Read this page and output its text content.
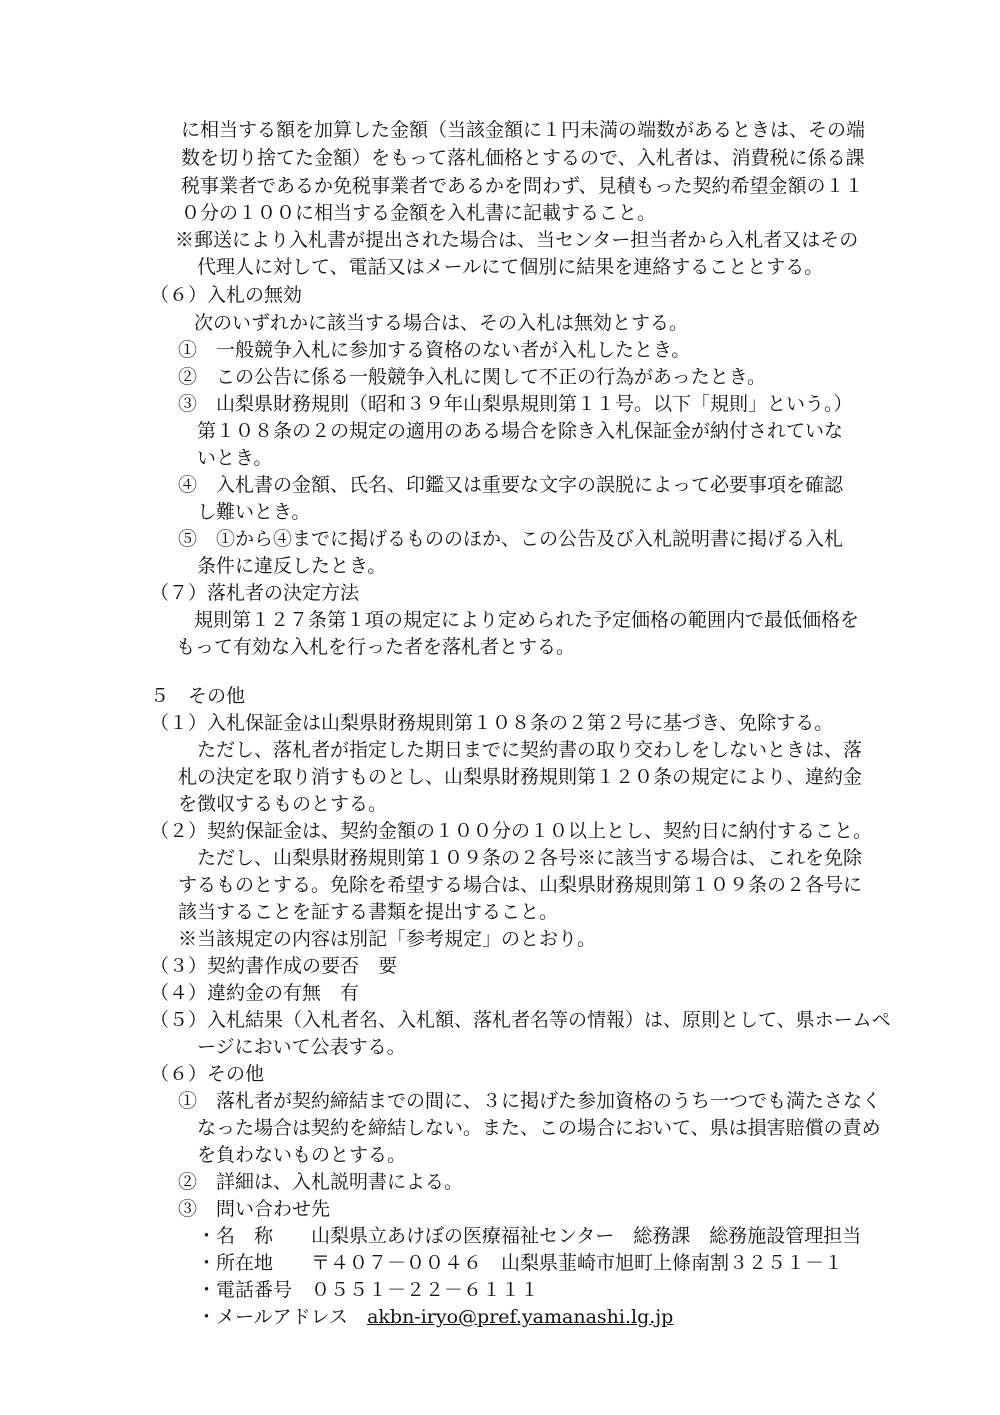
に相当する額を加算した金額（当該金額に１円未満の端数があるときは、その端

数を切り捨てた金額）をもって落札価格とするので、入札者は、消費税に係る課

税事業者であるか免税事業者であるかを問わず、見積もった契約希望金額の１１

０分の１００に相当する金額を入札書に記載すること。

※郵送により入札書が提出された場合は、当センター担当者から入札者又はその

代理人に対して、電話又はメールにて個別に結果を連絡することとする。

（６）入札の無効

次のいずれかに該当する場合は、その入札は無効とする。

①　一般競争入札に参加する資格のない者が入札したとき。

②　この公告に係る一般競争入札に関して不正の行為があったとき。

③　山梨県財務規則（昭和３９年山梨県規則第１１号。以下「規則」という。）

第１０８条の２の規定の適用のある場合を除き入札保証金が納付されていな

いとき。

④　入札書の金額、氏名、印鑑又は重要な文字の誤脱によって必要事項を確認

し難いとき。

⑤　①から④までに掲げるもののほか、この公告及び入札説明書に掲げる入札

条件に違反したとき。

（７）落札者の決定方法

規則第１２７条第１項の規定により定められた予定価格の範囲内で最低価格を

もって有効な入札を行った者を落札者とする。

５　その他

（１）入札保証金は山梨県財務規則第１０８条の２第２号に基づき、免除する。

ただし、落札者が指定した期日までに契約書の取り交わしをしないときは、落

札の決定を取り消すものとし、山梨県財務規則第１２０条の規定により、違約金

を徴収するものとする。

（２）契約保証金は、契約金額の１００分の１０以上とし、契約日に納付すること。

ただし、山梨県財務規則第１０９条の２各号※に該当する場合は、これを免除

するものとする。免除を希望する場合は、山梨県財務規則第１０９条の２各号に

該当することを証する書類を提出すること。

※当該規定の内容は別記「参考規定」のとおり。

（３）契約書作成の要否　要

（４）違約金の有無　有

（５）入札結果（入札者名、入札額、落札者名等の情報）は、原則として、県ホームペ

ージにおいて公表する。

（６）その他

①　落札者が契約締結までの間に、３に掲げた参加資格のうち一つでも満たさなく

なった場合は契約を締結しない。また、この場合において、県は損害賠償の責め

を負わないものとする。

②　詳細は、入札説明書による。

③　問い合わせ先

・名　称　　山梨県立あけぼの医療福祉センター　総務課　総務施設管理担当

・所在地　　〒４０７－００４６　山梨県韮崎市旭町上條南割３２５１－１

・電話番号　０５５１－２２－６１１１

・メールアドレス　akbn-iryo@pref.yamanashi.lg.jp
